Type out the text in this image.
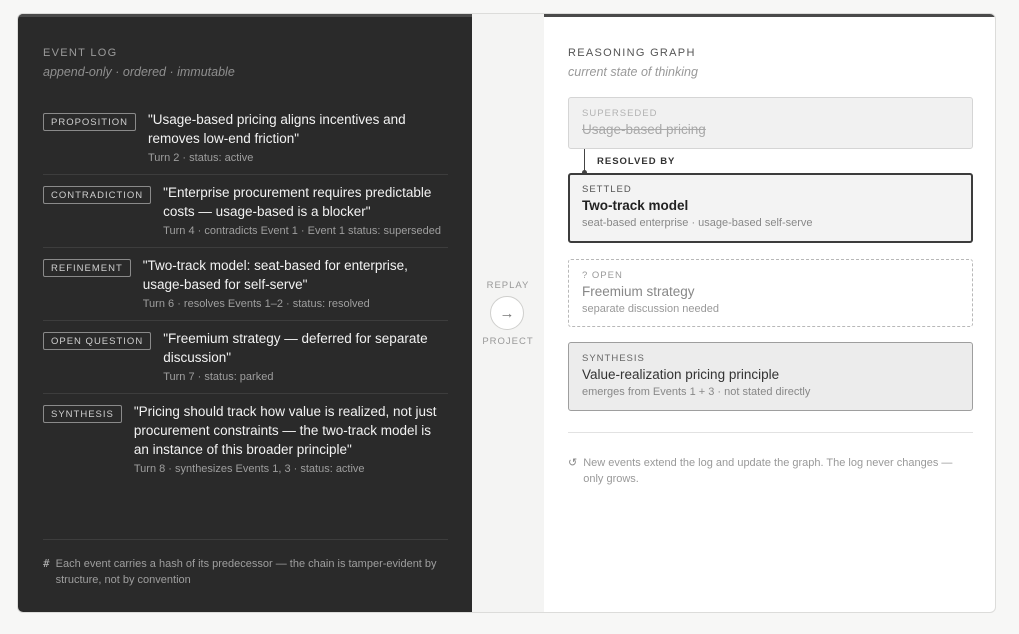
EVENT LOG
append-only · ordered · immutable
PROPOSITION	"Usage-based pricing aligns incentives and removes low-end friction"
Turn 2 · status: active
CONTRADICTION	"Enterprise procurement requires predictable costs — usage-based is a blocker"
Turn 4 · contradicts Event 1 · Event 1 status: superseded
REFINEMENT	"Two-track model: seat-based for enterprise, usage-based for self-serve"
Turn 6 · resolves Events 1–2 · status: resolved
OPEN QUESTION	"Freemium strategy — deferred for separate discussion"
Turn 7 · status: parked
SYNTHESIS	"Pricing should track how value is realized, not just procurement constraints — the two-track model is an instance of this broader principle"
Turn 8 · synthesizes Events 1, 3 · status: active
# Each event carries a hash of its predecessor — the chain is tamper-evident by structure, not by convention
REPLAY
→
PROJECT
REASONING GRAPH
current state of thinking
SUPERSEDED
Usage-based pricing
RESOLVED BY
SETTLED
Two-track model
seat-based enterprise · usage-based self-serve
? OPEN
Freemium strategy
separate discussion needed
SYNTHESIS
Value-realization pricing principle
emerges from Events 1 + 3 · not stated directly
↺ New events extend the log and update the graph. The log never changes — only grows.
